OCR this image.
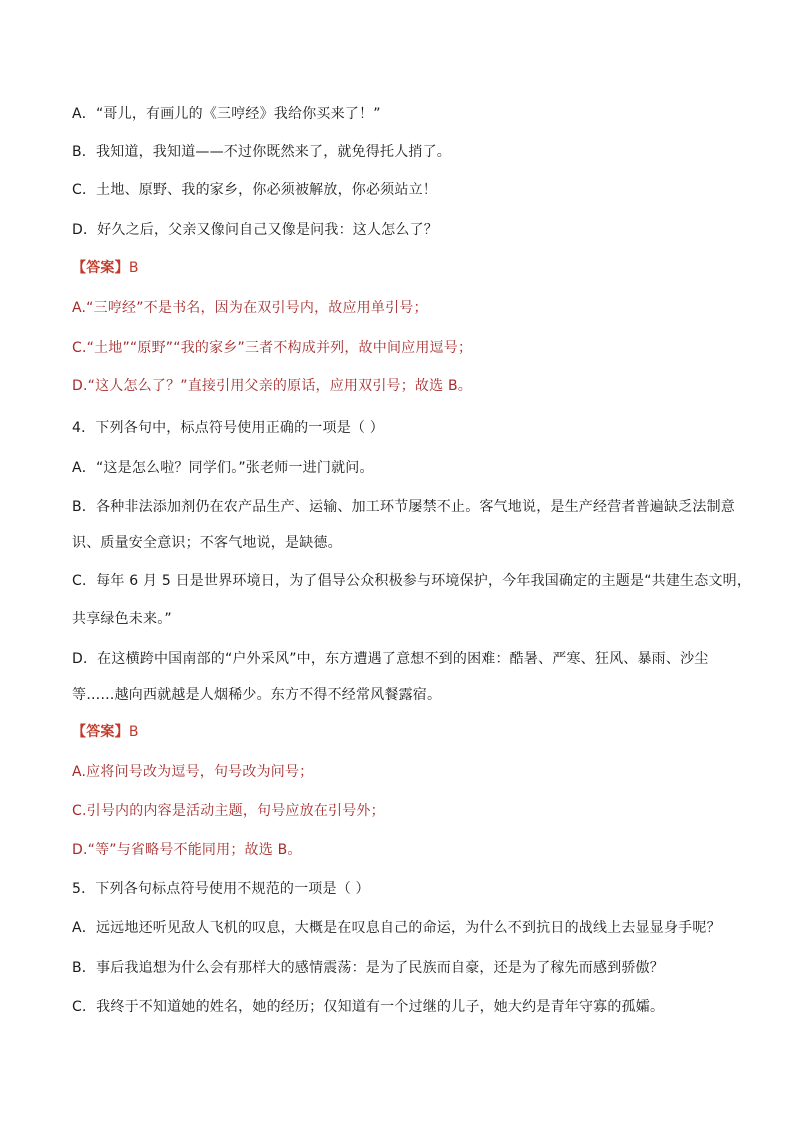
A．“哥儿，有画儿的《三哼经》我给你买来了！”
B．我知道，我知道——不过你既然来了，就免得托人捎了。
C．土地、原野、我的家乡，你必须被解放，你必须站立！
D．好久之后，父亲又像问自己又像是问我：这人怎么了？
【答案】B
A.“三哼经”不是书名，因为在双引号内，故应用单引号；
C.“土地”“原野”“我的家乡”三者不构成并列，故中间应用逗号；
D.“这人怎么了？”直接引用父亲的原话，应用双引号；故选 B。
4．下列各句中，标点符号使用正确的一项是（ ）
A．“这是怎么啦？同学们。”张老师一进门就问。
B．各种非法添加剂仍在农产品生产、运输、加工环节屡禁不止。客气地说，是生产经营者普遍缺乏法制意
识、质量安全意识；不客气地说，是缺德。
C．每年 6 月 5 日是世界环境日，为了倡导公众积极参与环境保护，今年我国确定的主题是“共建生态文明，
共享绿色未来。”
D．在这横跨中国南部的“户外采风”中，东方遭遇了意想不到的困难：酷暑、严寒、狂风、暴雨、沙尘
等……越向西就越是人烟稀少。东方不得不经常风餐露宿。
【答案】B
A.应将问号改为逗号，句号改为问号；
C.引号内的内容是活动主题，句号应放在引号外；
D.“等”与省略号不能同用；故选 B。
5．下列各句标点符号使用不规范的一项是（ ）
A．远远地还听见敌人飞机的叹息，大概是在叹息自己的命运，为什么不到抗日的战线上去显显身手呢？
B．事后我追想为什么会有那样大的感情震荡：是为了民族而自豪，还是为了稼先而感到骄傲？
C．我终于不知道她的姓名，她的经历；仅知道有一个过继的儿子，她大约是青年守寡的孤孀。
